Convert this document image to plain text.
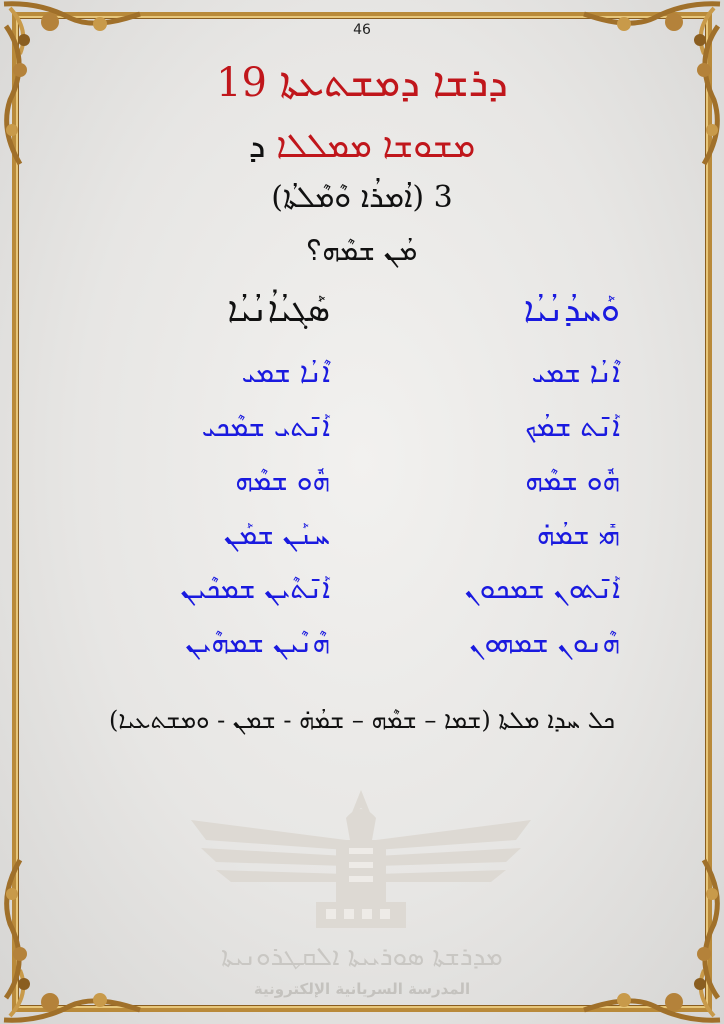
46
ܕܪܫܐ ܕܡܫܬܥܬܐ 19
ܡܫܘܫܐ ܡܡܠܠܐ ܕ
(ܐܳܡܪܳܐ ܘܶܡܶܠܬܳܐ) 3
ܡܳܢ ܫܡܶܗ؟
ܘܰܚܕܳܢܳܝܳܐ
ܐܶܢܳܐ ܫܡܝ
ܐܰܢ̄ܬ ܫܡܳܟ
ܗܽܘ ܫܡܶܗ
ܗܺܝ ܫܡܳܗ̇
ܐܰܢ̄ܬܘܢ ܫܡܟܘܢ
ܗܶܢܘܢ ܫܡܗܘܢ
ܣܰܓܝܳܐܳܢܳܝܳܐ
ܐܶܢܳܐ ܫܡܝ
ܐܰܢ̄ܬܝ ܫܡܶܟܝ
ܗܽܘ ܫܡܶܗ
ܚܢܰܢ ܫܡܰܢ
ܐܰܢ̄ܬܶܝܢ ܫܡܟܶܝܢ
ܗܶܢܶܝܢ ܫܡܗܶܝܢ
ܟܠ ܚܕܐ ܡܠܬܐ (ܫܡܐ – ܫܡܶܗ – ܫܡܳܗ̇ - ܫܡܢ - ܘܡܫܬܥܝܐ)
ܡܕܪܫܬܐ ܣܘܪܝܝܬܐ ܐܠܩܛܪܘܢܝܬܐ
المدرسة السريانية الإلكترونية
